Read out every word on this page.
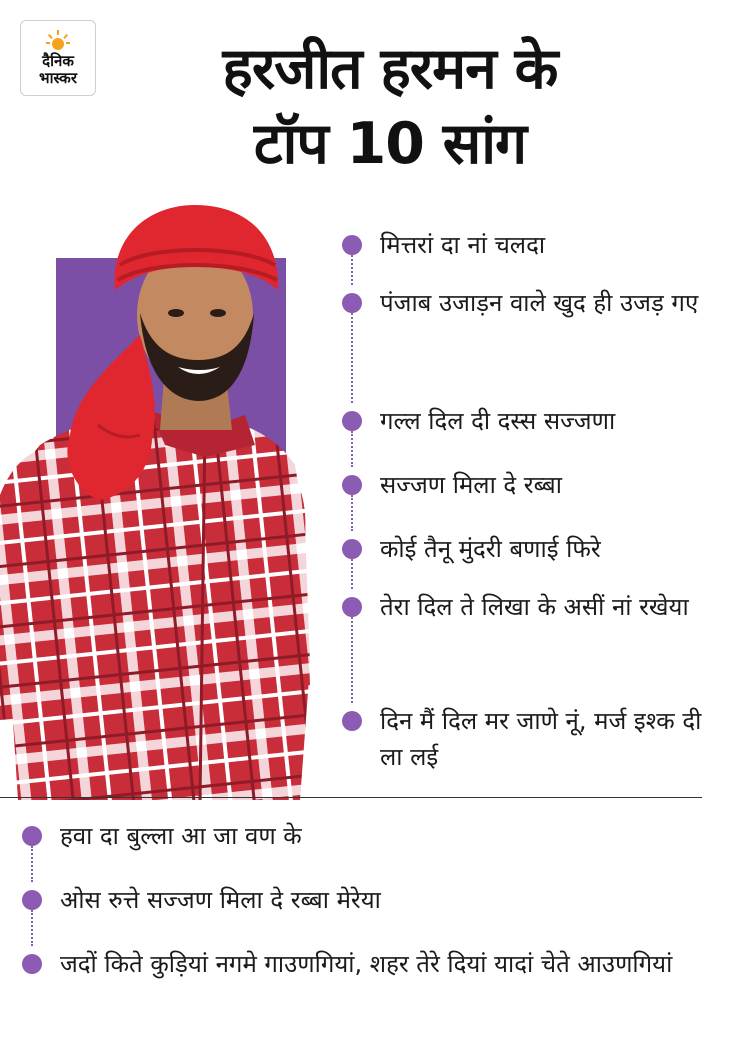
दैनिक
भास्कर	हरजीत हरमन के
टॉप 10 सांग
मित्तरां दा नां चलदा
पंजाब उजाड़न वाले खुद ही उजड़ गए
गल्ल दिल दी दस्स सज्जणा
सज्जण मिला दे रब्बा
कोई तैनू मुंदरी बणाई फिरे
तेरा दिल ते लिखा के असीं नां रखेया
दिन मैं दिल मर जाणे नूं, मर्ज इश्क दी ला लई
हवा दा बुल्ला आ जा वण के
ओस रुत्ते सज्जण मिला दे रब्बा मेरेया
जदों किते कुड़ियां नगमे गाउणगियां, शहर तेरे दियां यादां चेते आउणगियां
